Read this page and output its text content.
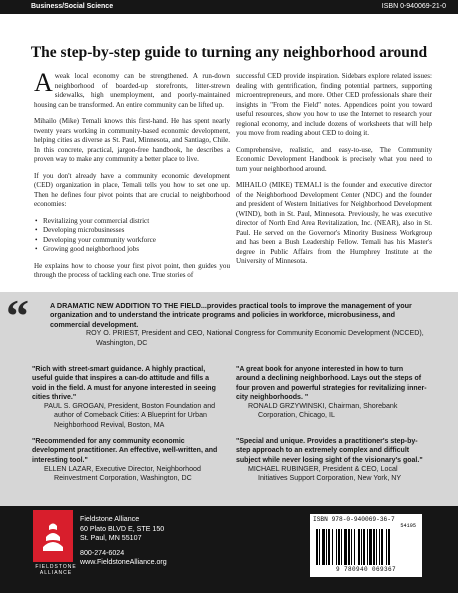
Business/Social Science	ISBN 0-940069-21-0
The step-by-step guide to turning any neighborhood around

A weak local economy can be strengthened. A run-down neighborhood of boarded-up storefronts, litter-strewn sidewalks, high unemployment, and poorly-maintained housing can be transformed. An entire community can be lifted up.

Mihailo (Mike) Temali knows this first-hand. He has spent nearly twenty years working in community-based economic development, helping cities as diverse as St. Paul, Minnesota, and Santiago, Chile. In this concrete, practical, jargon-free handbook, he describes a proven way to make any community a better place to live.

If you don't already have a community economic development (CED) organization in place, Temali tells you how to set one up. Then he defines four pivot points that are crucial to neighborhood economies:

• Revitalizing your commercial district
• Developing microbusinesses
• Developing your community workforce
• Growing good neighborhood jobs

He explains how to choose your first pivot point, then guides you through the process of tackling each one. True stories of

successful CED provide inspiration. Sidebars explore related issues: dealing with gentrification, finding potential partners, supporting microentrepreneurs, and more. Other CED professionals share their insights in "From the Field" notes. Appendices point you toward useful resources, show you how to use the Internet to research your regional economy, and include dozens of worksheets that will help you move from reading about CED to doing it.

Comprehensive, realistic, and easy-to-use, The Community Economic Development Handbook is precisely what you need to turn your neighborhood around.

MIHAILO (MIKE) TEMALI is the founder and executive director of the Neighborhood Development Center (NDC) and the founder and president of Western Initiatives for Neighborhood Development (WIND), both in St. Paul, Minnesota. Previously, he was executive director of North End Area Revitalization, Inc. (NEAR), also in St. Paul. He served on the Governor's Minority Business Workgroup and has been a Bush Leadership Fellow. Temali has his Master's degree in Public Affairs from the Humphrey Institute at the University of Minnesota.

“	A DRAMATIC NEW ADDITION TO THE FIELD...provides practical tools to improve the management of your organization and to understand the intricate programs and policies in workforce, microbusiness, and commercial development.
ROY O. PRIEST, President and CEO, National Congress for Community Economic Development (NCCED), Washington, DC
"Rich with street-smart guidance. A highly practical, useful guide that inspires a can-do attitude and fills a void in the field. A must for anyone interested in seeing cities thrive."
PAUL S. GROGAN, President, Boston Foundation and author of Comeback Cities: A Blueprint for Urban Neighborhood Revival, Boston, MA
"A great book for anyone interested in how to turn around a declining neighborhood. Lays out the steps of four proven and powerful strategies for revitalizing inner-city neighborhoods. "
RONALD GRZYWINSKI, Chairman, Shorebank Corporation, Chicago, IL
"Recommended for any community economic development practitioner. An effective, well-written, and interesting tool."
ELLEN LAZAR, Executive Director, Neighborhood Reinvestment Corporation, Washington, DC
"Special and unique. Provides a practitioner's step-by-step approach to an extremely complex and difficult subject while never losing sight of the visionary's goal."
MICHAEL RUBINGER, President & CEO, Local Initiatives Support Corporation, New York, NY
FIELDSTONE ALLIANCE
Fieldstone Alliance
60 Plato BLVD E, STE 150
St. Paul, MN 55107
800-274-6024
www.FieldstoneAlliance.org
ISBN 978-0-940069-36-7
54195
9 780940 069367
